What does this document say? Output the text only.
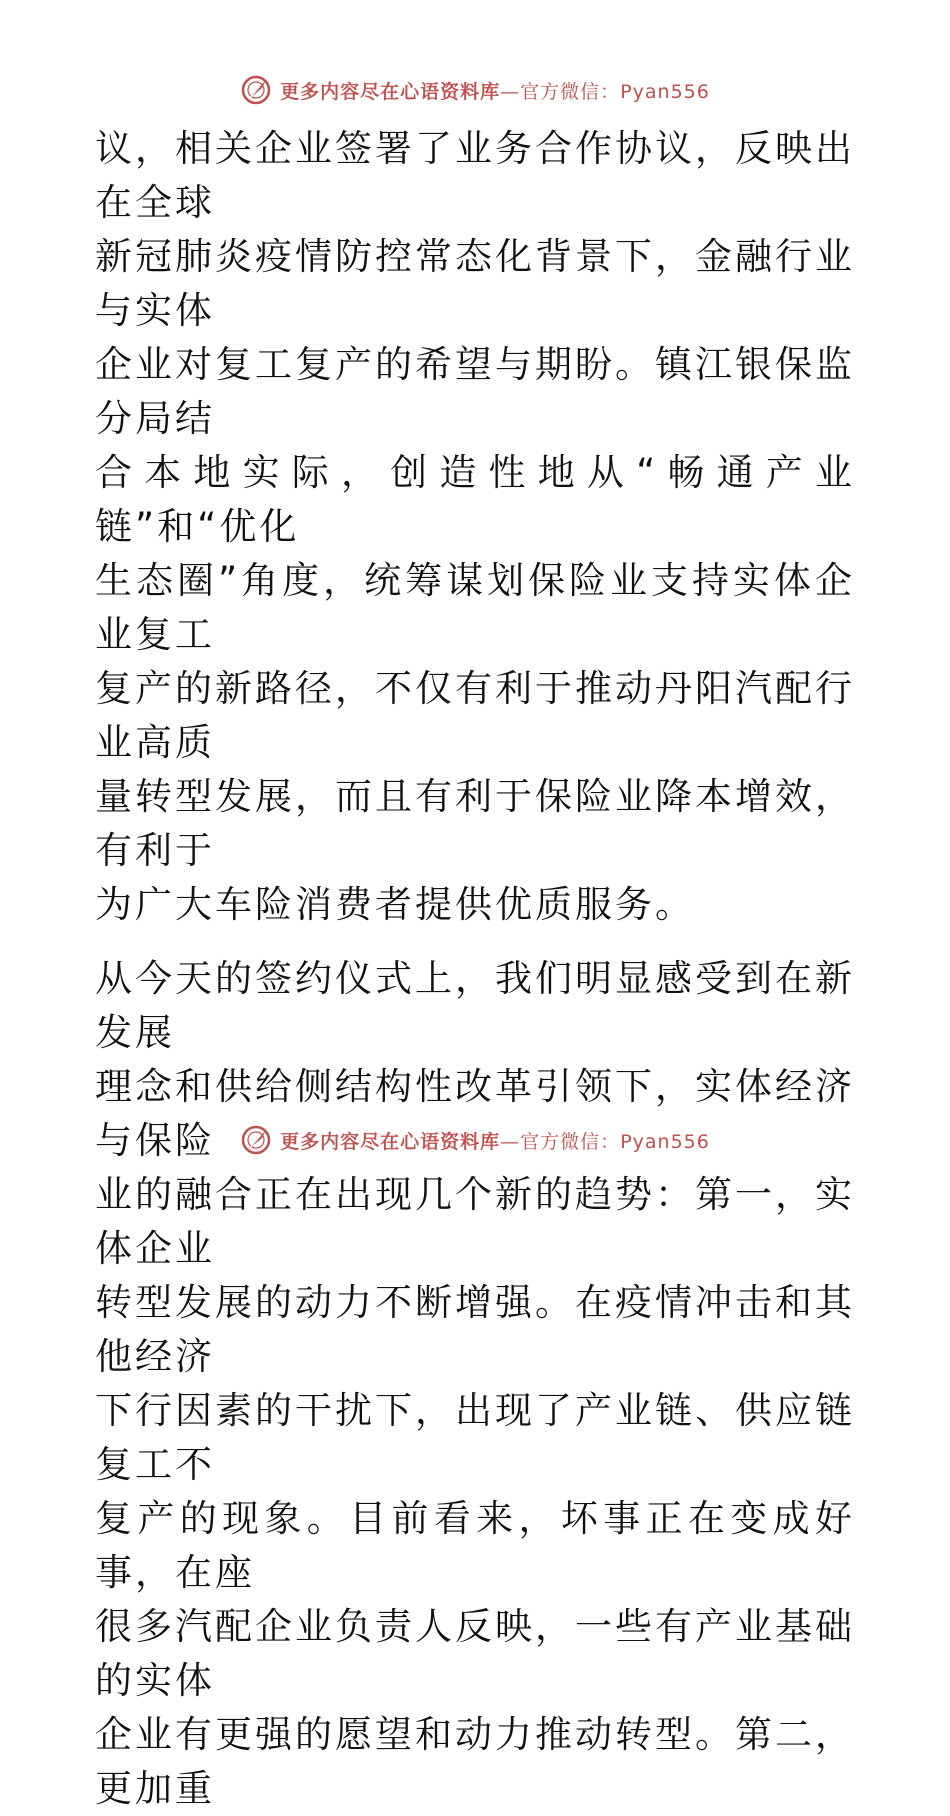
更多内容尽在心语资料库—官方微信：Pyan556

议，相关企业签署了业务合作协议，反映出在全球
新冠肺炎疫情防控常态化背景下，金融行业与实体
企业对复工复产的希望与期盼。镇江银保监分局结
合本地实际，创造性地从“畅通产业链”和“优化
生态圈”角度，统筹谋划保险业支持实体企业复工
复产的新路径，不仅有利于推动丹阳汽配行业高质
量转型发展，而且有利于保险业降本增效，有利于
为广大车险消费者提供优质服务。

从今天的签约仪式上，我们明显感受到在新发展
理念和供给侧结构性改革引领下，实体经济与保险
业的融合正在出现几个新的趋势：第一，实体企业
转型发展的动力不断增强。在疫情冲击和其他经济
下行因素的干扰下，出现了产业链、供应链复工不
复产的现象。目前看来，坏事正在变成好事，在座
很多汽配企业负责人反映，一些有产业基础的实体
企业有更强的愿望和动力推动转型。第二，更加重

更多内容尽在心语资料库—官方微信：Pyan556
